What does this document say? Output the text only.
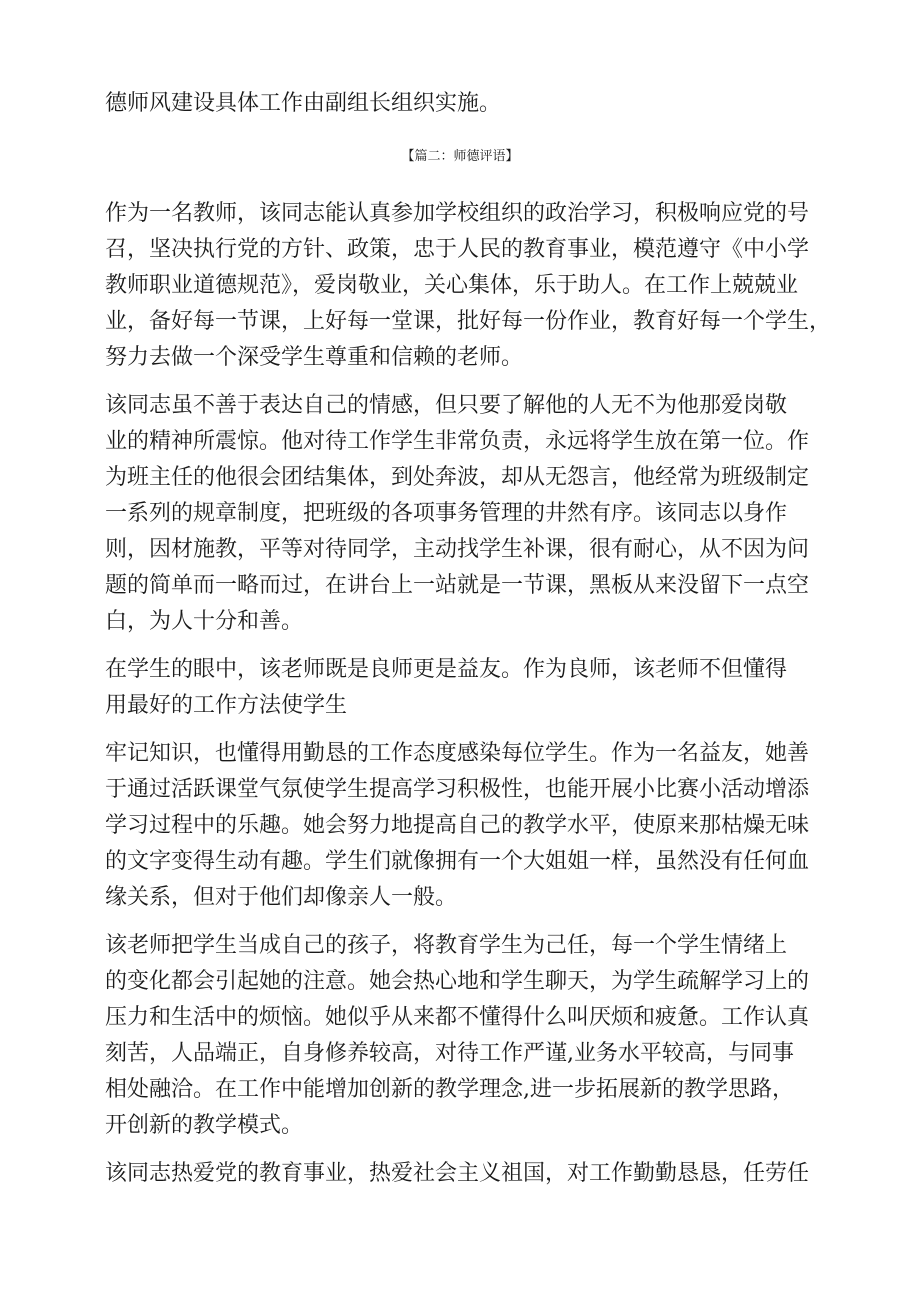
德师风建设具体工作由副组长组织实施。
【篇二：师德评语】
作为一名教师，该同志能认真参加学校组织的政治学习，积极响应党的号
召，坚决执行党的方针、政策，忠于人民的教育事业，模范遵守《中小学
教师职业道德规范》，爱岗敬业，关心集体，乐于助人。在工作上兢兢业
业，备好每一节课，上好每一堂课，批好每一份作业，教育好每一个学生，
努力去做一个深受学生尊重和信赖的老师。
该同志虽不善于表达自己的情感，但只要了解他的人无不为他那爱岗敬
业的精神所震惊。他对待工作学生非常负责，永远将学生放在第一位。作
为班主任的他很会团结集体，到处奔波，却从无怨言，他经常为班级制定
一系列的规章制度，把班级的各项事务管理的井然有序。该同志以身作
则，因材施教，平等对待同学，主动找学生补课，很有耐心，从不因为问
题的简单而一略而过，在讲台上一站就是一节课，黑板从来没留下一点空
白，为人十分和善。
在学生的眼中，该老师既是良师更是益友。作为良师，该老师不但懂得
用最好的工作方法使学生
牢记知识，也懂得用勤恳的工作态度感染每位学生。作为一名益友，她善
于通过活跃课堂气氛使学生提高学习积极性，也能开展小比赛小活动增添
学习过程中的乐趣。她会努力地提高自己的教学水平，使原来那枯燥无味
的文字变得生动有趣。学生们就像拥有一个大姐姐一样，虽然没有任何血
缘关系，但对于他们却像亲人一般。
该老师把学生当成自己的孩子，将教育学生为己任，每一个学生情绪上
的变化都会引起她的注意。她会热心地和学生聊天，为学生疏解学习上的
压力和生活中的烦恼。她似乎从来都不懂得什么叫厌烦和疲惫。工作认真
刻苦，人品端正，自身修养较高，对待工作严谨,业务水平较高，与同事
相处融洽。在工作中能增加创新的教学理念,进一步拓展新的教学思路，
开创新的教学模式。
该同志热爱党的教育事业，热爱社会主义祖国，对工作勤勤恳恳，任劳任
